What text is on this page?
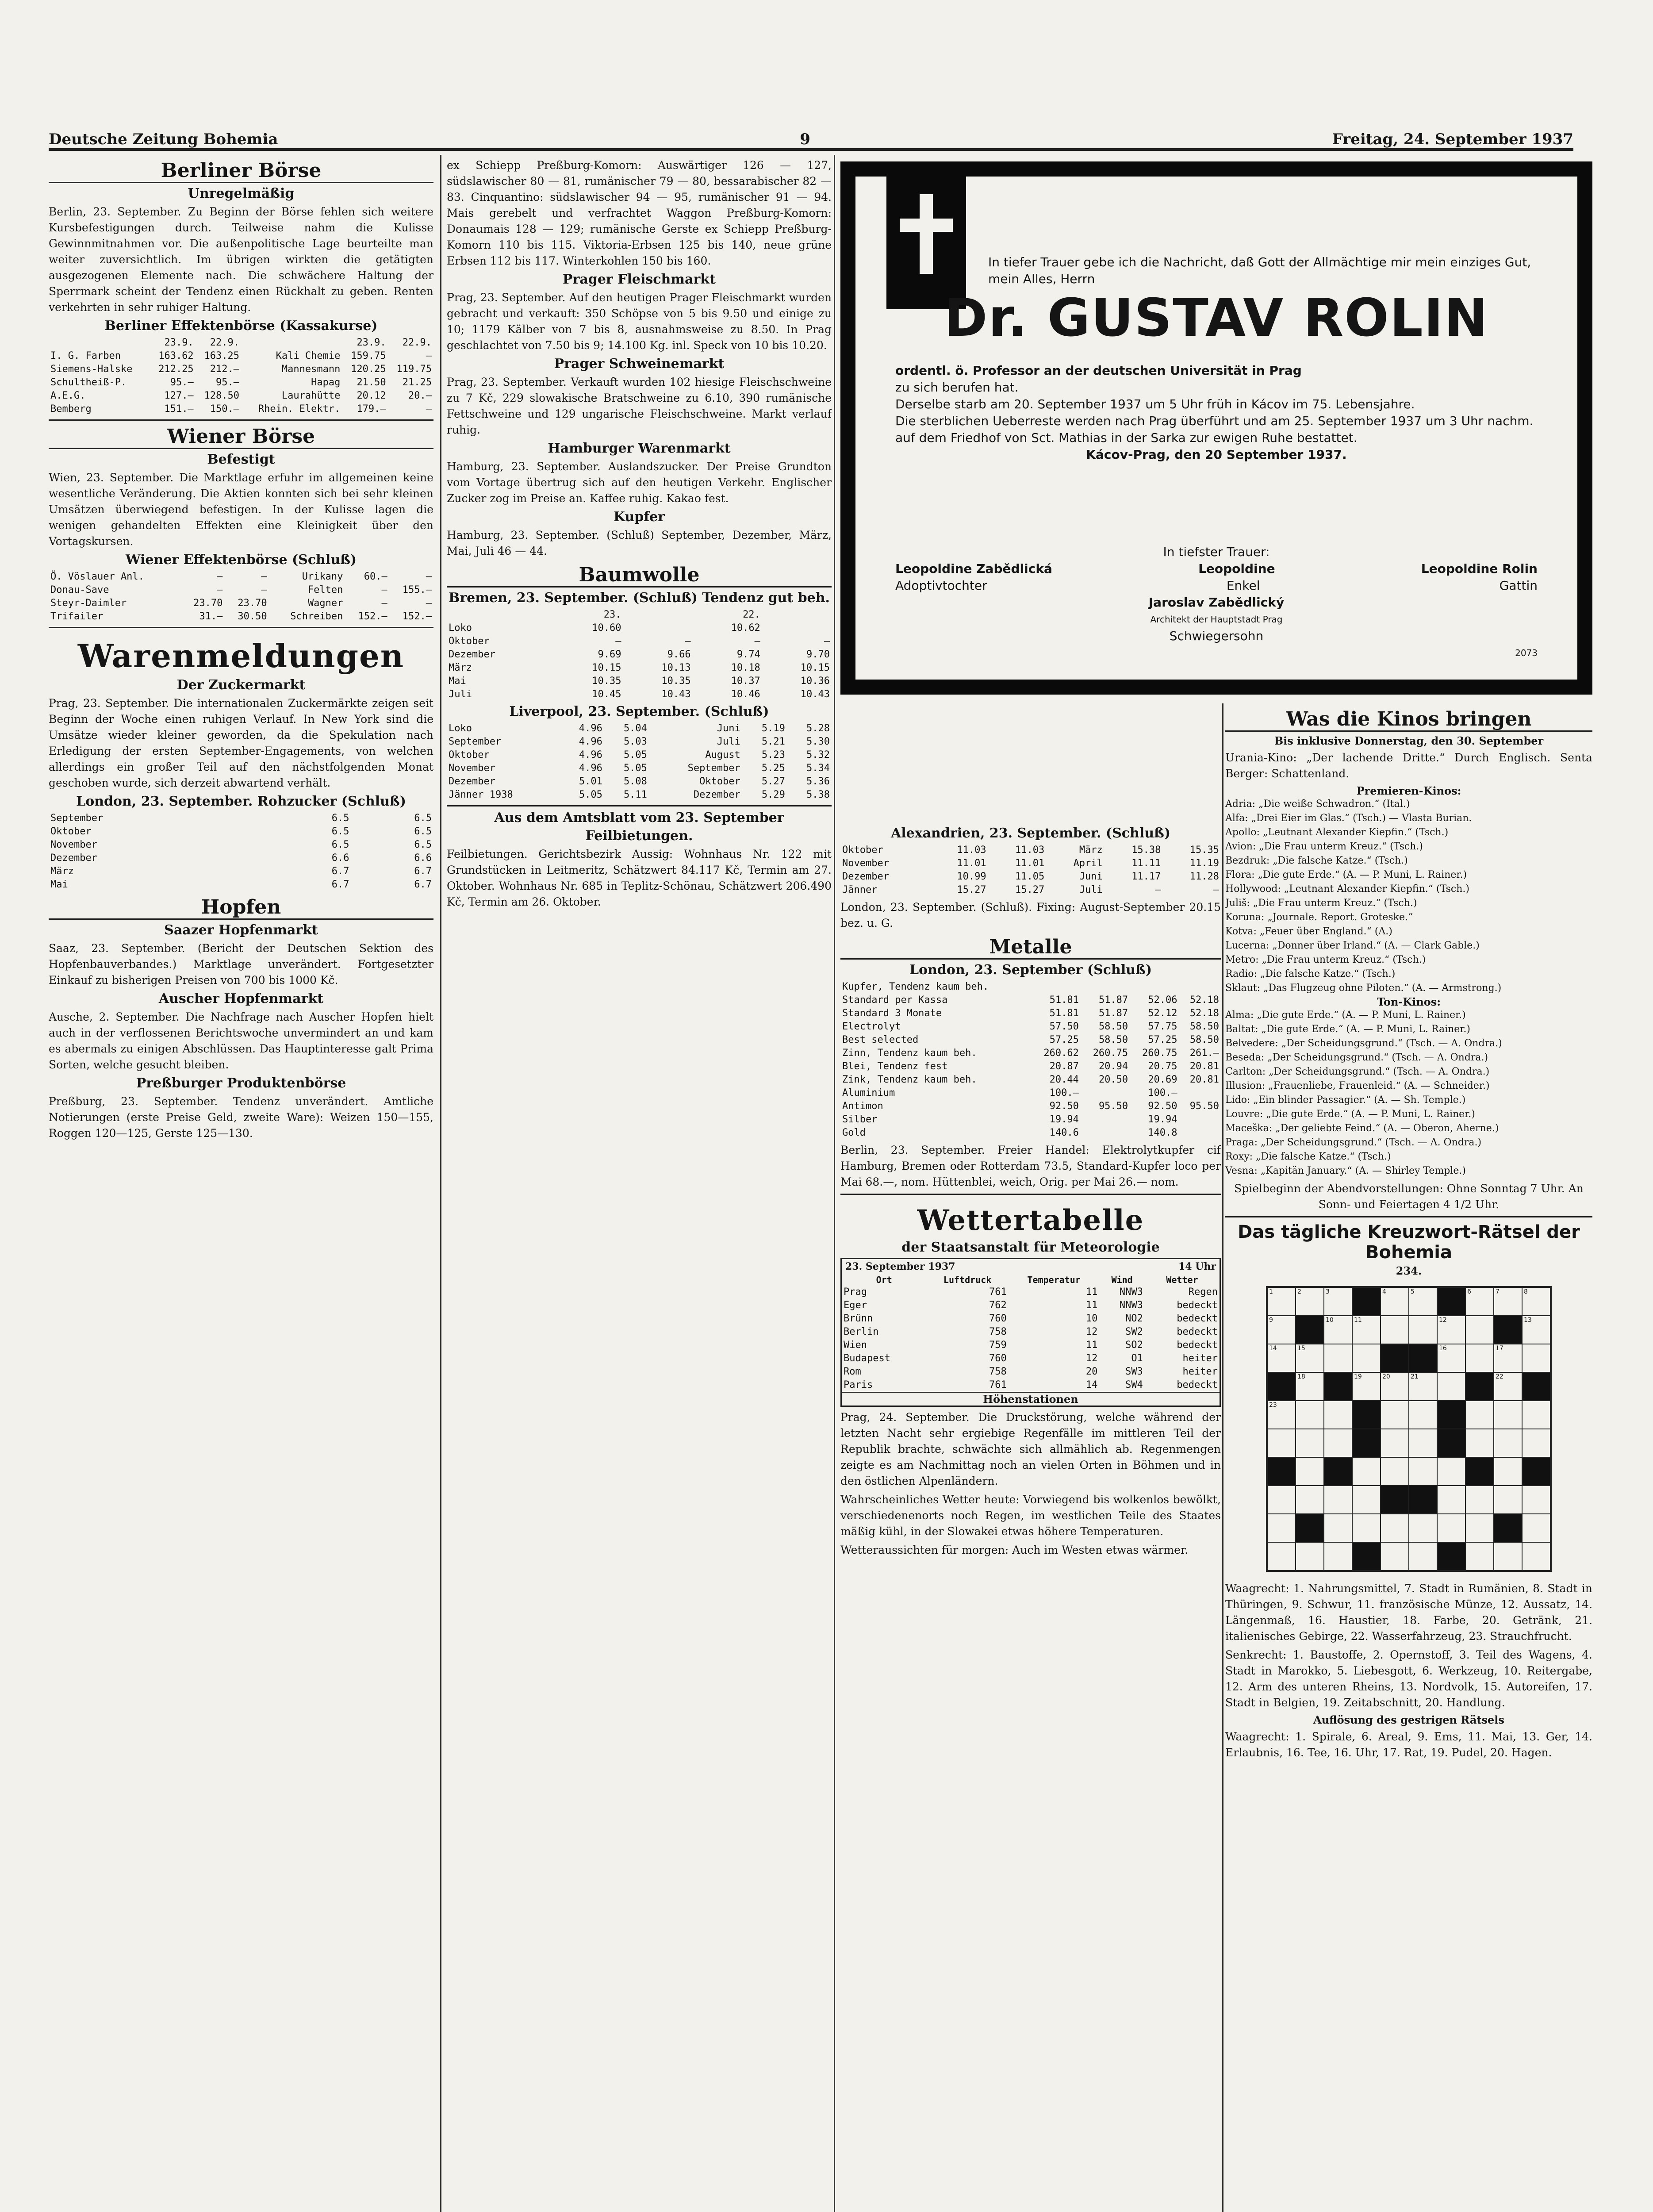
Deutsche Zeitung Bohemia	9	Freitag, 24. September 1937
Berliner Börse
Unregelmäßig

Berlin, 23. September. Zu Beginn der Börse fehlen sich weitere Kursbefestigungen durch. Teilweise nahm die Kulisse Gewinnmitnahmen vor. Die außenpolitische Lage beurteilte man weiter zuversichtlich. Im übrigen wirkten die getätigten ausgezogenen Elemente nach. Die schwächere Haltung der Sperrmark scheint der Tendenz einen Rückhalt zu geben. Renten verkehrten in sehr ruhiger Haltung.

Berliner Effektenbörse (Kassakurse)
	23.9.	22.9.		23.9.	22.9.
I. G. Farben	163.62	163.25	Kali Chemie	159.75	—
Siemens-Halske	212.25	212.—	Mannesmann	120.25	119.75
Schultheiß-P.	95.—	95.—	Hapag	21.50	21.25
A.E.G.	127.—	128.50	Laurahütte	20.12	20.—
Bemberg	151.—	150.—	Rhein. Elektr.	179.—	—
Wiener Börse
Befestigt

Wien, 23. September. Die Marktlage erfuhr im allgemeinen keine wesentliche Veränderung. Die Aktien konnten sich bei sehr kleinen Umsätzen überwiegend befestigen. In der Kulisse lagen die wenigen gehandelten Effekten eine Kleinigkeit über den Vortagskursen.

Wiener Effektenbörse (Schluß)
Ö. Vöslauer Anl.	—	—	Urikany	60.—	—
Donau-Save	—	—	Felten	—	155.—
Steyr-Daimler	23.70	23.70	Wagner	—	—
Trifailer	31.—	30.50	Schreiben	152.—	152.—
Warenmeldungen
Der Zuckermarkt

Prag, 23. September. Die internationalen Zuckermärkte zeigen seit Beginn der Woche einen ruhigen Verlauf. In New York sind die Umsätze wieder kleiner geworden, da die Spekulation nach Erledigung der ersten September-Engagements, von welchen allerdings ein großer Teil auf den nächstfolgenden Monat geschoben wurde, sich derzeit abwartend verhält.

London, 23. September. Rohzucker (Schluß)
September	6.5	6.5
Oktober	6.5	6.5
November	6.5	6.5
Dezember	6.6	6.6
März	6.7	6.7
Mai	6.7	6.7
Hopfen
Saazer Hopfenmarkt

Saaz, 23. September. (Bericht der Deutschen Sektion des Hopfenbauverbandes.) Marktlage unverändert. Fortgesetzter Einkauf zu bisherigen Preisen von 700 bis 1000 Kč.

Auscher Hopfenmarkt

Ausche, 2. September. Die Nachfrage nach Auscher Hopfen hielt auch in der verflossenen Berichtswoche unvermindert an und kam es abermals zu einigen Abschlüssen. Das Hauptinteresse galt Prima Sorten, welche gesucht bleiben.

Preßburger Produktenbörse

Preßburg, 23. September. Tendenz unverändert. Amtliche Notierungen (erste Preise Geld, zweite Ware): Weizen 150—155, Roggen 120—125, Gerste 125—130.

ex Schiepp Preßburg-Komorn: Auswärtiger 126 — 127, südslawischer 80 — 81, rumänischer 79 — 80, bessarabischer 82 — 83. Cinquantino: südslawischer 94 — 95, rumänischer 91 — 94. Mais gerebelt und verfrachtet Waggon Preßburg-Komorn: Donaumais 128 — 129; rumänische Gerste ex Schiepp Preßburg-Komorn 110 bis 115. Viktoria-Erbsen 125 bis 140, neue grüne Erbsen 112 bis 117. Winterkohlen 150 bis 160.

Prager Fleischmarkt

Prag, 23. September. Auf den heutigen Prager Fleischmarkt wurden gebracht und verkauft: 350 Schöpse von 5 bis 9.50 und einige zu 10; 1179 Kälber von 7 bis 8, ausnahmsweise zu 8.50. In Prag geschlachtet von 7.50 bis 9; 14.100 Kg. inl. Speck von 10 bis 10.20.

Prager Schweinemarkt

Prag, 23. September. Verkauft wurden 102 hiesige Fleischschweine zu 7 Kč, 229 slowakische Bratschweine zu 6.10, 390 rumänische Fettschweine und 129 ungarische Fleischschweine. Markt verlauf ruhig.

Hamburger Warenmarkt

Hamburg, 23. September. Auslandszucker. Der Preise Grundton vom Vortage übertrug sich auf den heutigen Verkehr. Englischer Zucker zog im Preise an. Kaffee ruhig. Kakao fest.

Kupfer

Hamburg, 23. September. (Schluß) September, Dezember, März, Mai, Juli 46 — 44.

Baumwolle
Bremen, 23. September. (Schluß) Tendenz gut beh.
	23.		22.	
Loko	10.60		10.62	
Oktober	—	—	—	—
Dezember	9.69	9.66	9.74	9.70
März	10.15	10.13	10.18	10.15
Mai	10.35	10.35	10.37	10.36
Juli	10.45	10.43	10.46	10.43
Liverpool, 23. September. (Schluß)
Loko	4.96	5.04	Juni	5.19	5.28
September	4.96	5.03	Juli	5.21	5.30
Oktober	4.96	5.05	August	5.23	5.32
November	4.96	5.05	September	5.25	5.34
Dezember	5.01	5.08	Oktober	5.27	5.36
Jänner 1938	5.05	5.11	Dezember	5.29	5.38
Aus dem Amtsblatt vom 23. September
Feilbietungen.

Feilbietungen. Gerichtsbezirk Aussig: Wohnhaus Nr. 122 mit Grundstücken in Leitmeritz, Schätzwert 84.117 Kč, Termin am 27. Oktober. Wohnhaus Nr. 685 in Teplitz-Schönau, Schätzwert 206.490 Kč, Termin am 26. Oktober.

In tiefer Trauer gebe ich die Nachricht, daß Gott der Allmächtige mir mein einziges Gut, mein Alles, Herrn
Dr. GUSTAV ROLIN
ordentl. ö. Professor an der deutschen Universität in Prag
zu sich berufen hat.
Derselbe starb am 20. September 1937 um 5 Uhr früh in Kácov im 75. Lebensjahre.
Die sterblichen Ueberreste werden nach Prag überführt und am 25. September 1937 um 3 Uhr nachm. auf dem Friedhof von Sct. Mathias in der Sarka zur ewigen Ruhe bestattet.
Kácov-Prag, den 20 September 1937.
In tiefster Trauer:
Leopoldine Zabědlická	Leopoldine	Leopoldine Rolin
Adoptivtochter	Enkel	Gattin
Jaroslav Zabědlický
Architekt der Hauptstadt Prag
Schwiegersohn
2073
Alexandrien, 23. September. (Schluß)
Oktober	11.03	11.03	März	15.38	15.35
November	11.01	11.01	April	11.11	11.19
Dezember	10.99	11.05	Juni	11.17	11.28
Jänner	15.27	15.27	Juli	—	—

London, 23. September. (Schluß). Fixing: August-September 20.15 bez. u. G.

Metalle
London, 23. September (Schluß)
Kupfer, Tendenz kaum beh.				
Standard per Kassa	51.81	51.87	52.06	52.18
Standard 3 Monate	51.81	51.87	52.12	52.18
Electrolyt	57.50	58.50	57.75	58.50
Best selected	57.25	58.50	57.25	58.50
Zinn, Tendenz kaum beh.	260.62	260.75	260.75	261.—
Blei, Tendenz fest	20.87	20.94	20.75	20.81
Zink, Tendenz kaum beh.	20.44	20.50	20.69	20.81
Aluminium	100.—		100.—	
Antimon	92.50	95.50	92.50	95.50
Silber	19.94		19.94	
Gold	140.6		140.8	

Berlin, 23. September. Freier Handel: Elektrolytkupfer cif Hamburg, Bremen oder Rotterdam 73.5, Standard-Kupfer loco per Mai 68.—, nom. Hüttenblei, weich, Orig. per Mai 26.— nom.

Wettertabelle
der Staatsanstalt für Meteorologie
23. September 1937	14 Uhr
Ort	Luftdruck	Temperatur	Wind	Wetter
Prag	761	11	NNW3	Regen
Eger	762	11	NNW3	bedeckt
Brünn	760	10	NO2	bedeckt
Berlin	758	12	SW2	bedeckt
Wien	759	11	SO2	bedeckt
Budapest	760	12	O1	heiter
Rom	758	20	SW3	heiter
Paris	761	14	SW4	bedeckt
Höhenstationen

Prag, 24. September. Die Druckstörung, welche während der letzten Nacht sehr ergiebige Regenfälle im mittleren Teil der Republik brachte, schwächte sich allmählich ab. Regenmengen zeigte es am Nachmittag noch an vielen Orten in Böhmen und in den östlichen Alpenländern.

Wahrscheinliches Wetter heute: Vorwiegend bis wolkenlos bewölkt, verschiedenenorts noch Regen, im westlichen Teile des Staates mäßig kühl, in der Slowakei etwas höhere Temperaturen.

Wetteraussichten für morgen: Auch im Westen etwas wärmer.

Was die Kinos bringen
Bis inklusive Donnerstag, den 30. September

Urania-Kino: „Der lachende Dritte.“ Durch Englisch. Senta Berger: Schattenland.

Premieren-Kinos:
Adria: „Die weiße Schwadron.“ (Ital.)
Alfa: „Drei Eier im Glas.“ (Tsch.) — Vlasta Burian.
Apollo: „Leutnant Alexander Kiepfin.“ (Tsch.)
Avion: „Die Frau unterm Kreuz.“ (Tsch.)
Bezdruk: „Die falsche Katze.“ (Tsch.)
Flora: „Die gute Erde.“ (A. — P. Muni, L. Rainer.)
Hollywood: „Leutnant Alexander Kiepfin.“ (Tsch.)
Juliš: „Die Frau unterm Kreuz.“ (Tsch.)
Koruna: „Journale. Report. Groteske.“
Kotva: „Feuer über England.“ (A.)
Lucerna: „Donner über Irland.“ (A. — Clark Gable.)
Metro: „Die Frau unterm Kreuz.“ (Tsch.)
Radio: „Die falsche Katze.“ (Tsch.)
Sklaut: „Das Flugzeug ohne Piloten.“ (A. — Armstrong.)
Ton-Kinos:
Alma: „Die gute Erde.“ (A. — P. Muni, L. Rainer.)
Baltat: „Die gute Erde.“ (A. — P. Muni, L. Rainer.)
Belvedere: „Der Scheidungsgrund.“ (Tsch. — A. Ondra.)
Beseda: „Der Scheidungsgrund.“ (Tsch. — A. Ondra.)
Carlton: „Der Scheidungsgrund.“ (Tsch. — A. Ondra.)
Illusion: „Frauenliebe, Frauenleid.“ (A. — Schneider.)
Lido: „Ein blinder Passagier.“ (A. — Sh. Temple.)
Louvre: „Die gute Erde.“ (A. — P. Muni, L. Rainer.)
Maceška: „Der geliebte Feind.“ (A. — Oberon, Aherne.)
Praga: „Der Scheidungsgrund.“ (Tsch. — A. Ondra.)
Roxy: „Die falsche Katze.“ (Tsch.)
Vesna: „Kapitän January.“ (A. — Shirley Temple.)

Spielbeginn der Abendvorstellungen: Ohne Sonntag 7 Uhr. An Sonn- und Feiertagen 4 1/2 Uhr.

Das tägliche Kreuzwort-Rätsel der Bohemia
234.
1	2	3	4	5	6	7	8
9	10	11	12	13
14	15	16	17
18	19	20	21	22
23

Waagrecht: 1. Nahrungsmittel, 7. Stadt in Rumänien, 8. Stadt in Thüringen, 9. Schwur, 11. französische Münze, 12. Aussatz, 14. Längenmaß, 16. Haustier, 18. Farbe, 20. Getränk, 21. italienisches Gebirge, 22. Wasserfahrzeug, 23. Strauchfrucht.

Senkrecht: 1. Baustoffe, 2. Opernstoff, 3. Teil des Wagens, 4. Stadt in Marokko, 5. Liebesgott, 6. Werkzeug, 10. Reitergabe, 12. Arm des unteren Rheins, 13. Nordvolk, 15. Autoreifen, 17. Stadt in Belgien, 19. Zeitabschnitt, 20. Handlung.

Auflösung des gestrigen Rätsels

Waagrecht: 1. Spirale, 6. Areal, 9. Ems, 11. Mai, 13. Ger, 14. Erlaubnis, 16. Tee, 16. Uhr, 17. Rat, 19. Pudel, 20. Hagen.
